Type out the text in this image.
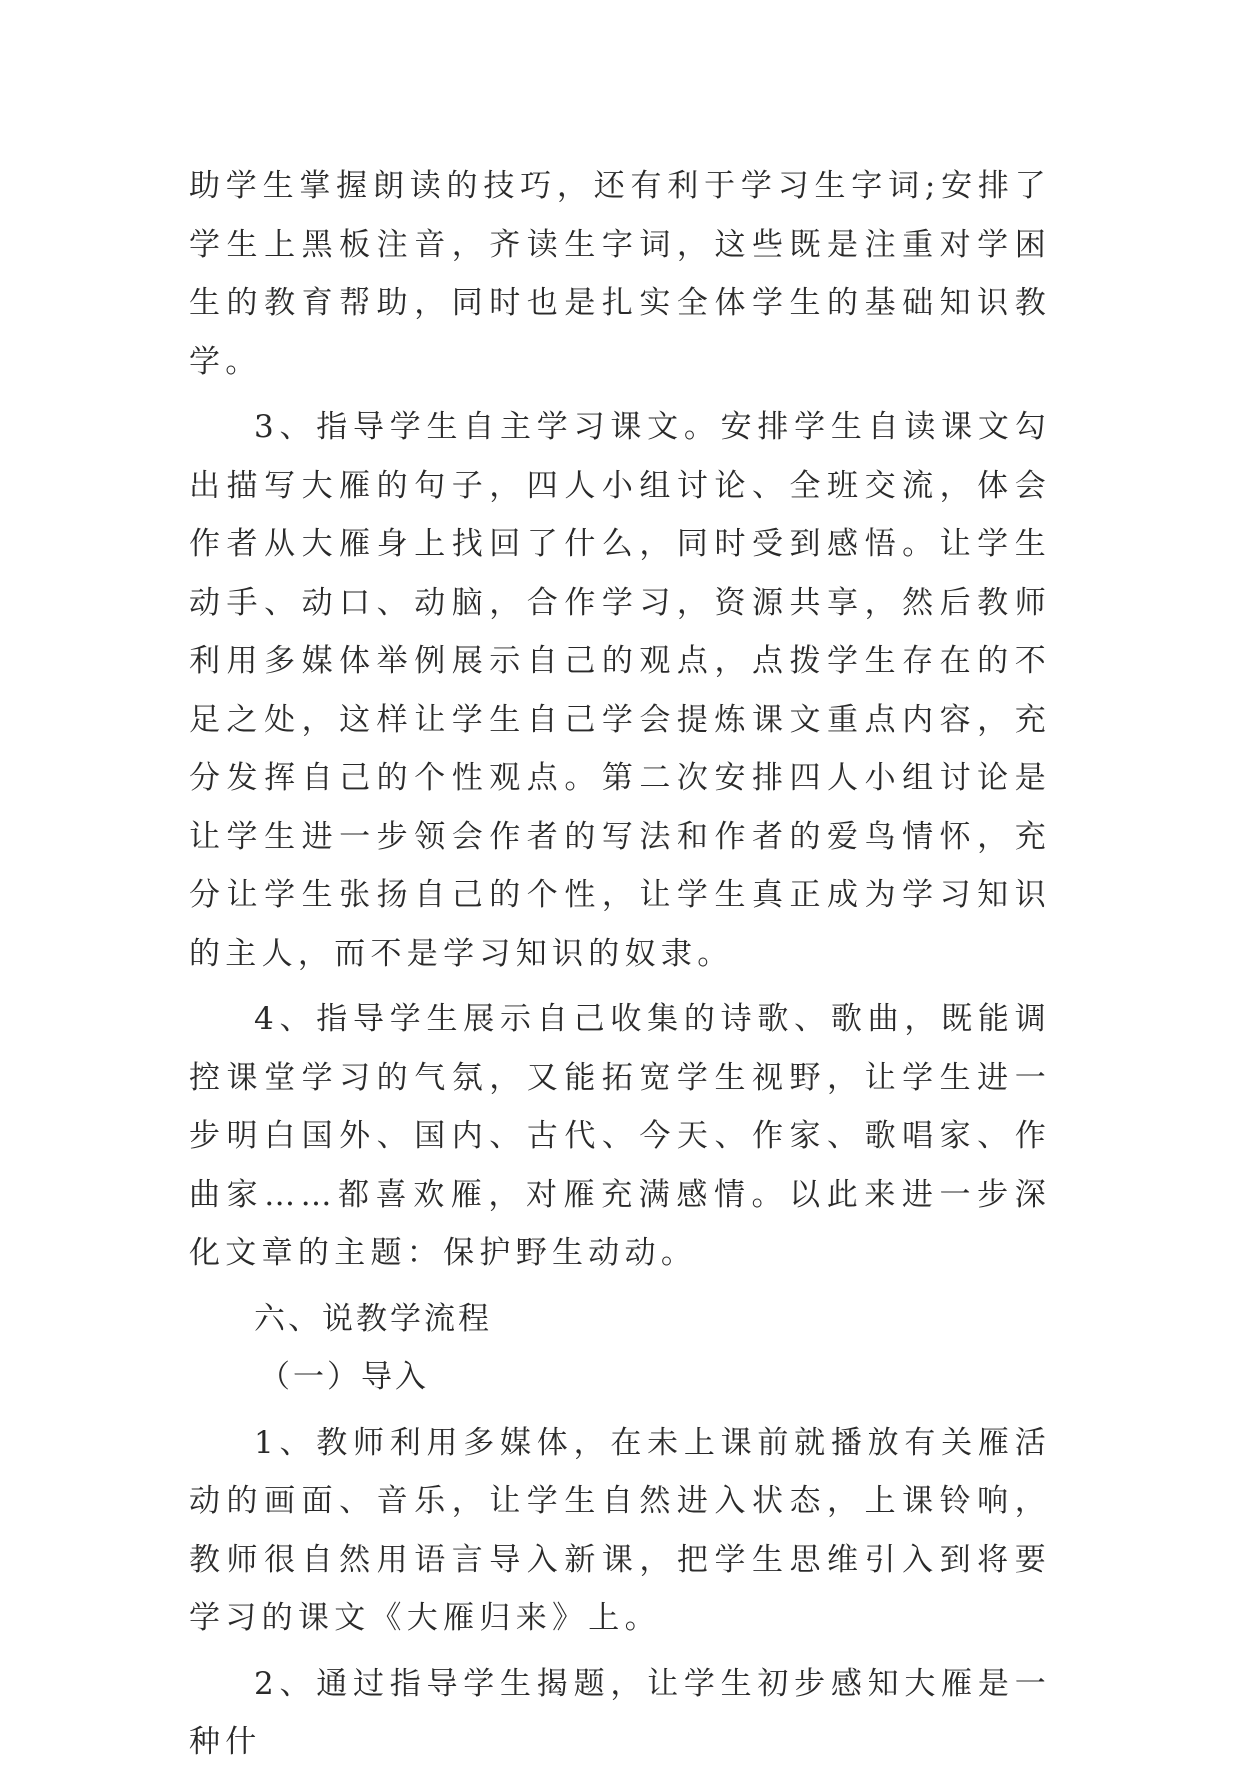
助学生掌握朗读的技巧，还有利于学习生字词;安排了学生上黑板注音，齐读生字词，这些既是注重对学困生的教育帮助，同时也是扎实全体学生的基础知识教学。

3、指导学生自主学习课文。安排学生自读课文勾出描写大雁的句子，四人小组讨论、全班交流，体会作者从大雁身上找回了什么，同时受到感悟。让学生动手、动口、动脑，合作学习，资源共享，然后教师利用多媒体举例展示自己的观点，点拨学生存在的不足之处，这样让学生自己学会提炼课文重点内容，充分发挥自己的个性观点。第二次安排四人小组讨论是让学生进一步领会作者的写法和作者的爱鸟情怀，充分让学生张扬自己的个性，让学生真正成为学习知识的主人，而不是学习知识的奴隶。

4、指导学生展示自己收集的诗歌、歌曲，既能调控课堂学习的气氛，又能拓宽学生视野，让学生进一步明白国外、国内、古代、今天、作家、歌唱家、作曲家……都喜欢雁，对雁充满感情。以此来进一步深化文章的主题：保护野生动动。

六、说教学流程

（一）导入

1、教师利用多媒体，在未上课前就播放有关雁活动的画面、音乐，让学生自然进入状态，上课铃响，教师很自然用语言导入新课，把学生思维引入到将要学习的课文《大雁归来》上。

2、通过指导学生揭题，让学生初步感知大雁是一种什
